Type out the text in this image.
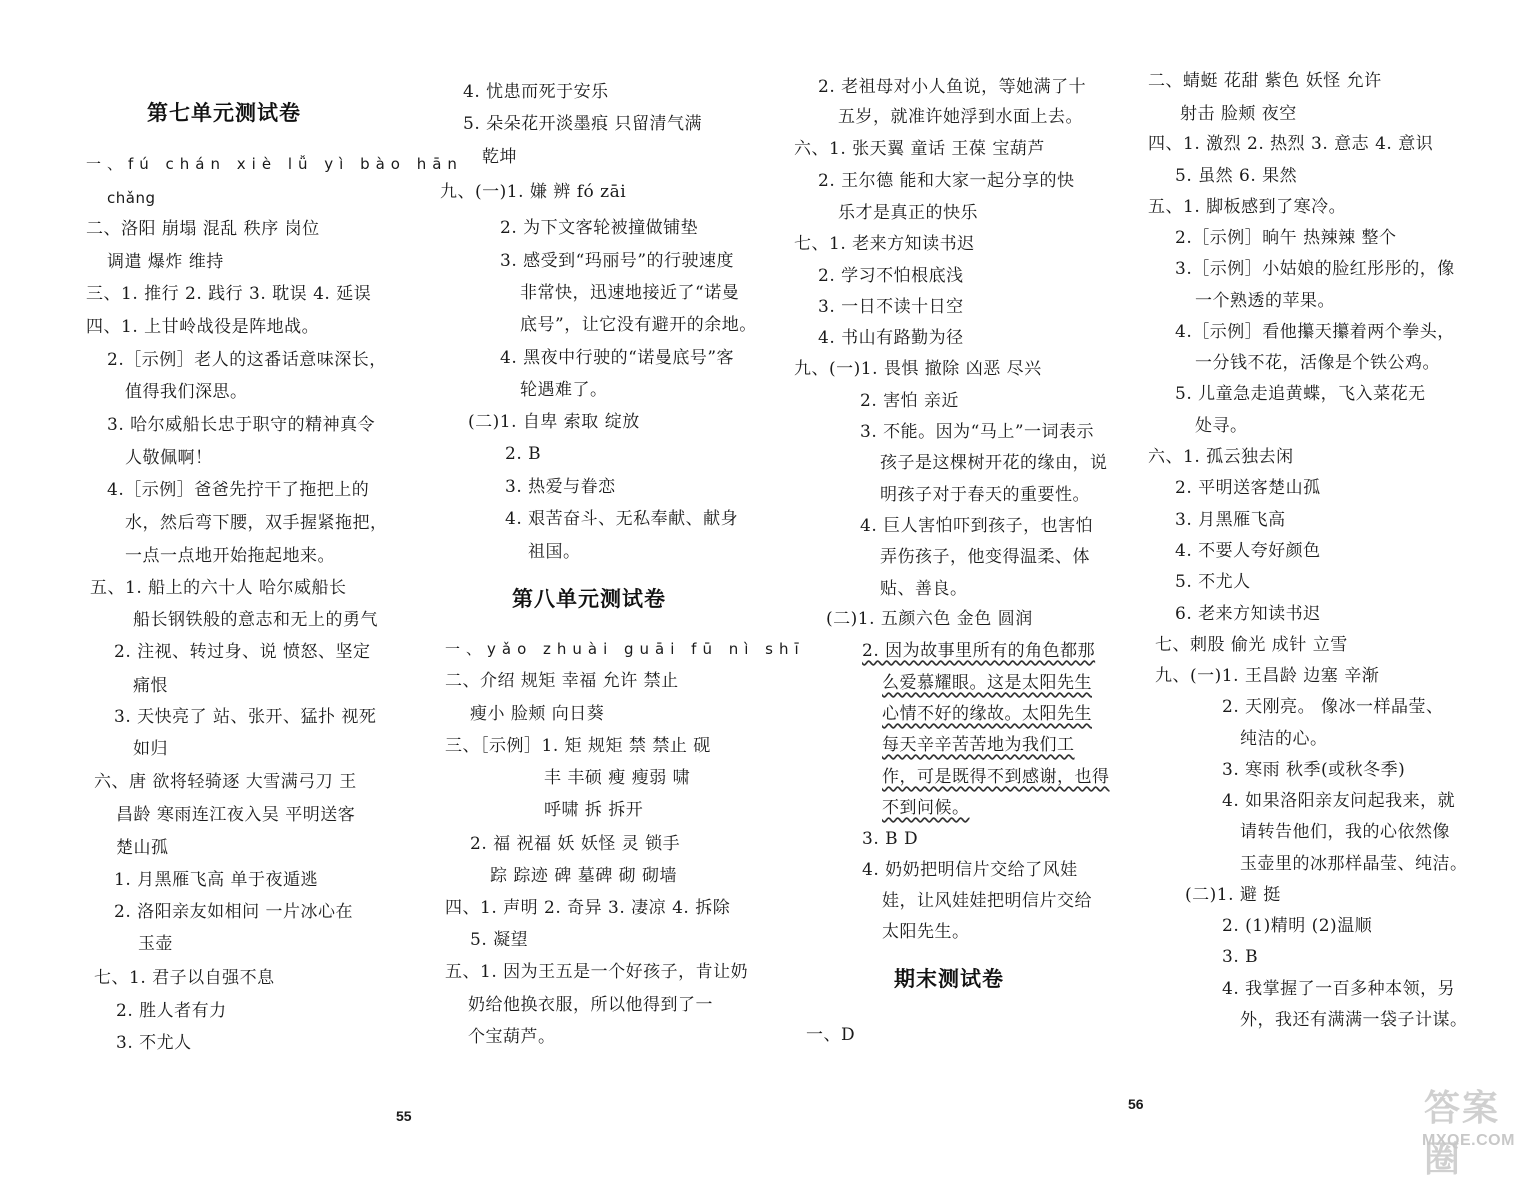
第七单元测试卷
第八单元测试卷
期末测试卷
一、fú chán xiè lǚ yì bào hān
chǎng
二、洛阳 崩塌 混乱 秩序 岗位
调遣 爆炸 维持
三、1. 推行 2. 践行 3. 耽误 4. 延误
四、1. 上甘岭战役是阵地战。
2.［示例］老人的这番话意味深长，
值得我们深思。
3. 哈尔威船长忠于职守的精神真令
人敬佩啊！
4.［示例］爸爸先拧干了拖把上的
水，然后弯下腰，双手握紧拖把，
一点一点地开始拖起地来。
五、1. 船上的六十人 哈尔威船长
船长钢铁般的意志和无上的勇气
2. 注视、转过身、说 愤怒、坚定
痛恨
3. 天快亮了 站、张开、猛扑 视死
如归
六、唐 欲将轻骑逐 大雪满弓刀 王
昌龄 寒雨连江夜入吴 平明送客
楚山孤
1. 月黑雁飞高 单于夜遁逃
2. 洛阳亲友如相问 一片冰心在
玉壶
七、1. 君子以自强不息
2. 胜人者有力
3. 不尤人
4. 忧患而死于安乐
5. 朵朵花开淡墨痕 只留清气满
乾坤
九、(一)1. 嫌 辨 fó zāi
2. 为下文客轮被撞做铺垫
3. 感受到“玛丽号”的行驶速度
非常快，迅速地接近了“诺曼
底号”，让它没有避开的余地。
4. 黑夜中行驶的“诺曼底号”客
轮遇难了。
(二)1. 自卑 索取 绽放
2. B
3. 热爱与眷恋
4. 艰苦奋斗、无私奉献、献身
祖国。
一、yǎo zhuài guāi fū nì shī
二、介绍 规矩 幸福 允许 禁止
瘦小 脸颊 向日葵
三、［示例］1. 矩 规矩 禁 禁止 砚
丰 丰硕 瘦 瘦弱 啸
呼啸 拆 拆开
2. 福 祝福 妖 妖怪 灵 锁手
踪 踪迹 碑 墓碑 砌 砌墙
四、1. 声明 2. 奇异 3. 凄凉 4. 拆除
5. 凝望
五、1. 因为王五是一个好孩子，肯让奶
奶给他换衣服，所以他得到了一
个宝葫芦。
2. 老祖母对小人鱼说，等她满了十
五岁，就准许她浮到水面上去。
六、1. 张天翼 童话 王葆 宝葫芦
2. 王尔德 能和大家一起分享的快
乐才是真正的快乐
七、1. 老来方知读书迟
2. 学习不怕根底浅
3. 一日不读十日空
4. 书山有路勤为径
九、(一)1. 畏惧 撤除 凶恶 尽兴
2. 害怕 亲近
3. 不能。因为“马上”一词表示
孩子是这棵树开花的缘由，说
明孩子对于春天的重要性。
4. 巨人害怕吓到孩子，也害怕
弄伤孩子，他变得温柔、体
贴、善良。
(二)1. 五颜六色 金色 圆润
2. 因为故事里所有的角色都那
么爱慕耀眼。这是太阳先生
心情不好的缘故。太阳先生
每天辛辛苦苦地为我们工
作，可是既得不到感谢，也得
不到问候。
3. B D
4. 奶奶把明信片交给了风娃
娃，让风娃娃把明信片交给
太阳先生。
一、D
二、蜻蜓 花甜 紫色 妖怪 允许
射击 脸颊 夜空
四、1. 激烈 2. 热烈 3. 意志 4. 意识
5. 虽然 6. 果然
五、1. 脚板感到了寒冷。
2.［示例］晌午 热辣辣 整个
3.［示例］小姑娘的脸红彤彤的，像
一个熟透的苹果。
4.［示例］看他攥天攥着两个拳头，
一分钱不花，活像是个铁公鸡。
5. 儿童急走追黄蝶，飞入菜花无
处寻。
六、1. 孤云独去闲
2. 平明送客楚山孤
3. 月黑雁飞高
4. 不要人夸好颜色
5. 不尤人
6. 老来方知读书迟
七、刺股 偷光 成针 立雪
九、(一)1. 王昌龄 边塞 辛渐
2. 天刚亮。 像冰一样晶莹、
纯洁的心。
3. 寒雨 秋季(或秋冬季)
4. 如果洛阳亲友问起我来，就
请转告他们，我的心依然像
玉壶里的冰那样晶莹、纯洁。
(二)1. 避 挺
2. (1)精明 (2)温顺
3. B
4. 我掌握了一百多种本领，另
外，我还有满满一袋子计谋。
55
56	答案圈
MXQE.COM
